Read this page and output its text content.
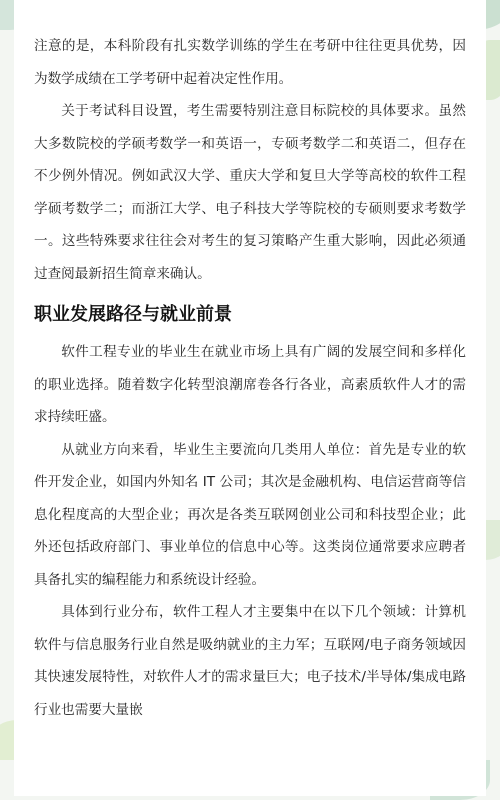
注意的是，本科阶段有扎实数学训练的学生在考研中往往更具优势，因为数学成绩在工学考研中起着决定性作用。

关于考试科目设置，考生需要特别注意目标院校的具体要求。虽然大多数院校的学硕考数学一和英语一，专硕考数学二和英语二，但存在不少例外情况。例如武汉大学、重庆大学和复旦大学等高校的软件工程学硕考数学二；而浙江大学、电子科技大学等院校的专硕则要求考数学一。这些特殊要求往往会对考生的复习策略产生重大影响，因此必须通过查阅最新招生简章来确认。

职业发展路径与就业前景

软件工程专业的毕业生在就业市场上具有广阔的发展空间和多样化的职业选择。随着数字化转型浪潮席卷各行各业，高素质软件人才的需求持续旺盛。

从就业方向来看，毕业生主要流向几类用人单位：首先是专业的软件开发企业，如国内外知名 IT 公司；其次是金融机构、电信运营商等信息化程度高的大型企业；再次是各类互联网创业公司和科技型企业；此外还包括政府部门、事业单位的信息中心等。这类岗位通常要求应聘者具备扎实的编程能力和系统设计经验。

具体到行业分布，软件工程人才主要集中在以下几个领域：计算机软件与信息服务行业自然是吸纳就业的主力军；互联网/电子商务领域因其快速发展特性，对软件人才的需求量巨大；电子技术/半导体/集成电路行业也需要大量嵌
